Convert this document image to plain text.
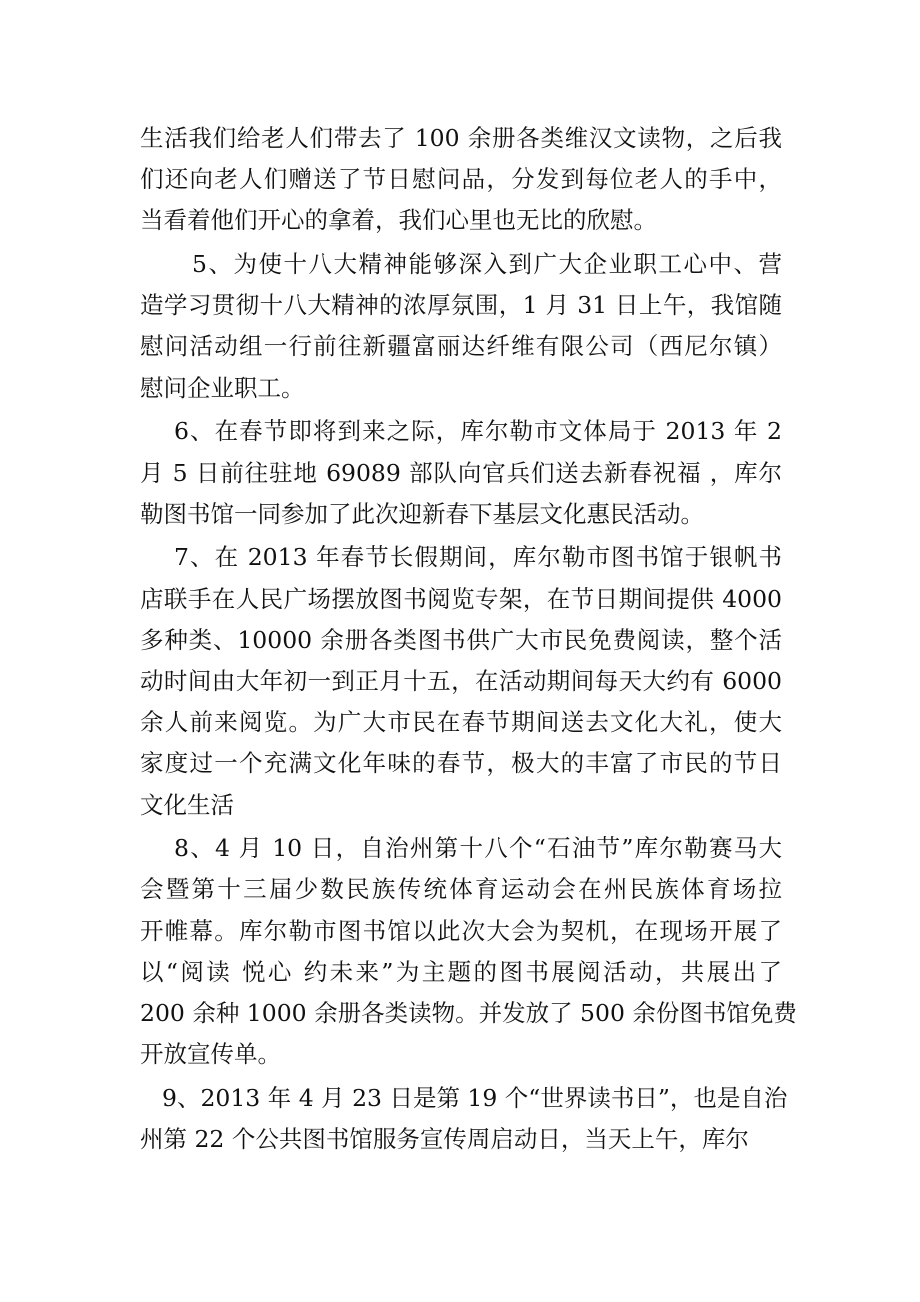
生活我们给老人们带去了 100 余册各类维汉文读物，之后我
们还向老人们赠送了节日慰问品，分发到每位老人的手中，
当看着他们开心的拿着，我们心里也无比的欣慰。
5、为使十八大精神能够深入到广大企业职工心中、营
造学习贯彻十八大精神的浓厚氛围，1 月 31 日上午，我馆随
慰问活动组一行前往新疆富丽达纤维有限公司（西尼尔镇）
慰问企业职工。
6、在春节即将到来之际，库尔勒市文体局于 2013 年 2
月 5 日前往驻地 69089 部队向官兵们送去新春祝福 ，库尔
勒图书馆一同参加了此次迎新春下基层文化惠民活动。
7、在 2013 年春节长假期间，库尔勒市图书馆于银帆书
店联手在人民广场摆放图书阅览专架，在节日期间提供 4000
多种类、10000 余册各类图书供广大市民免费阅读，整个活
动时间由大年初一到正月十五，在活动期间每天大约有 6000
余人前来阅览。为广大市民在春节期间送去文化大礼，使大
家度过一个充满文化年味的春节，极大的丰富了市民的节日
文化生活
8、4 月 10 日，自治州第十八个“石油节”库尔勒赛马大
会暨第十三届少数民族传统体育运动会在州民族体育场拉
开帷幕。库尔勒市图书馆以此次大会为契机，在现场开展了
以“阅读 悦心 约未来”为主题的图书展阅活动，共展出了
200 余种 1000 余册各类读物。并发放了 500 余份图书馆免费
开放宣传单。
9、2013 年 4 月 23 日是第 19 个“世界读书日”，也是自治
州第 22 个公共图书馆服务宣传周启动日，当天上午，库尔
